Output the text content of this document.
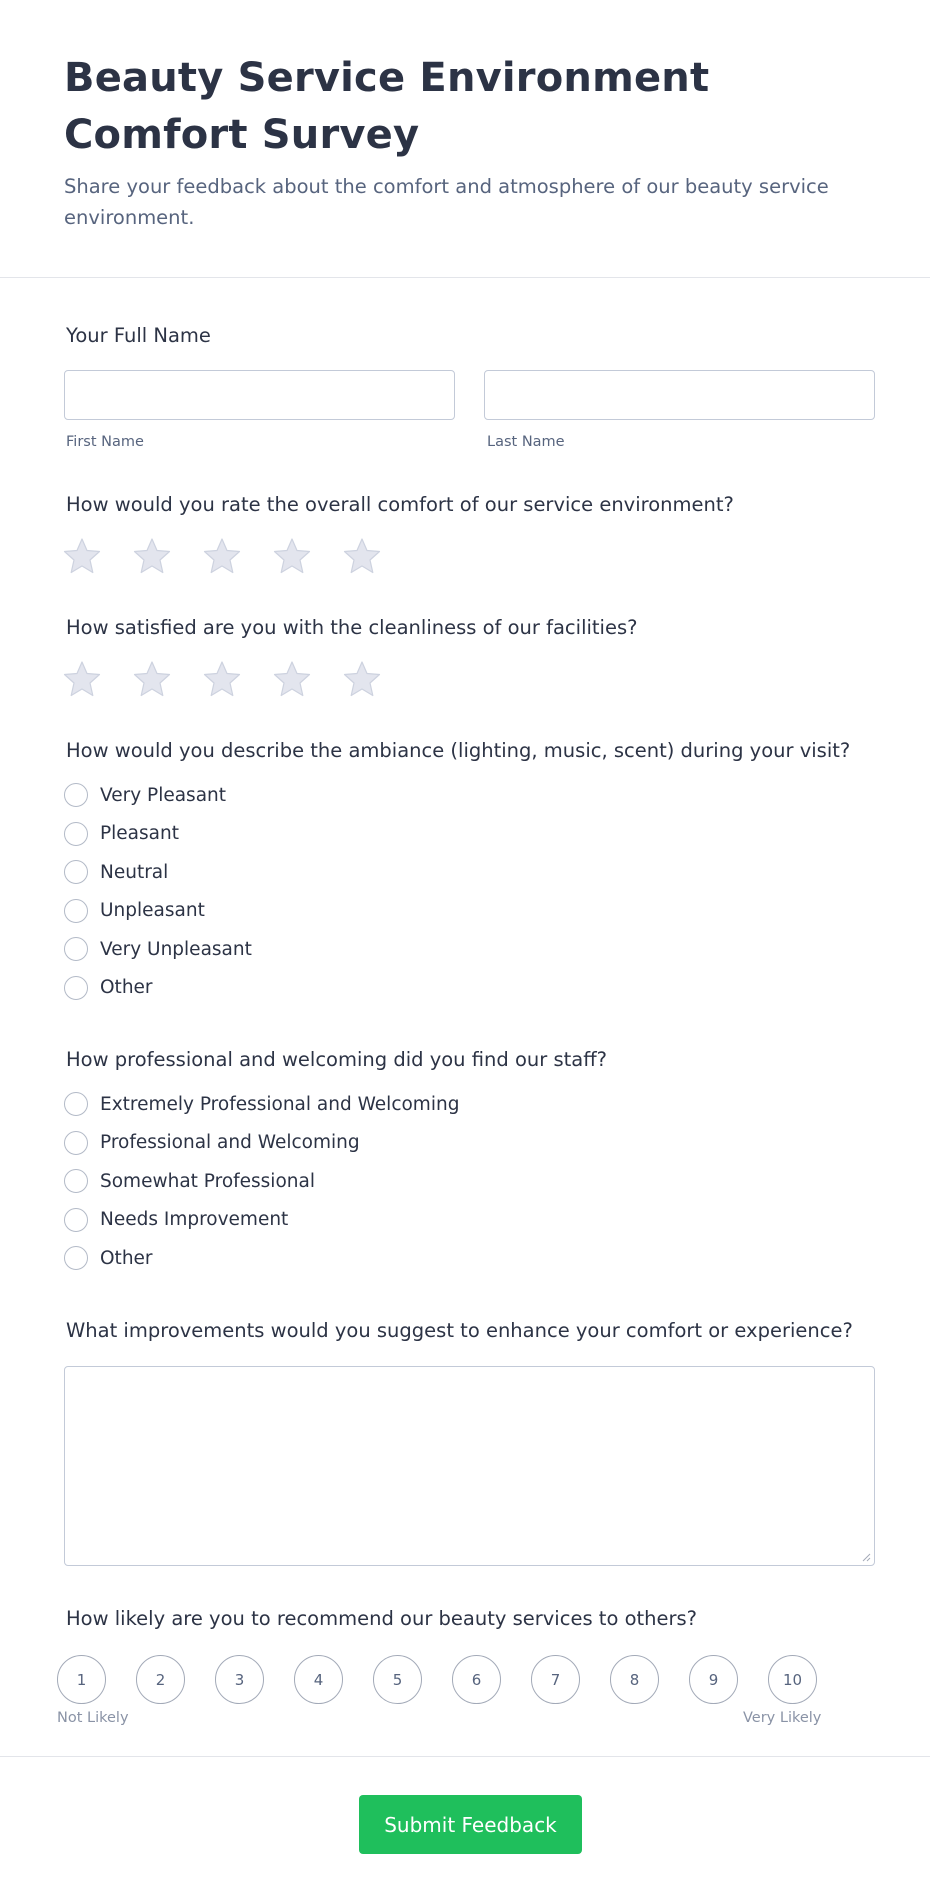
Beauty Service Environment Comfort Survey

Share your feedback about the comfort and atmosphere of our beauty service environment.

Your Full Name
First Name	Last Name
How would you rate the overall comfort of our service environment?
How satisfied are you with the cleanliness of our facilities?
How would you describe the ambiance (lighting, music, scent) during your visit?
Very Pleasant
Pleasant
Neutral
Unpleasant
Very Unpleasant
Other
How professional and welcoming did you find our staff?
Extremely Professional and Welcoming
Professional and Welcoming
Somewhat Professional
Needs Improvement
Other
What improvements would you suggest to enhance your comfort or experience?
How likely are you to recommend our beauty services to others?
1	2	3	4	5	6	7	8	9	10
Not Likely	Very Likely
Submit Feedback
